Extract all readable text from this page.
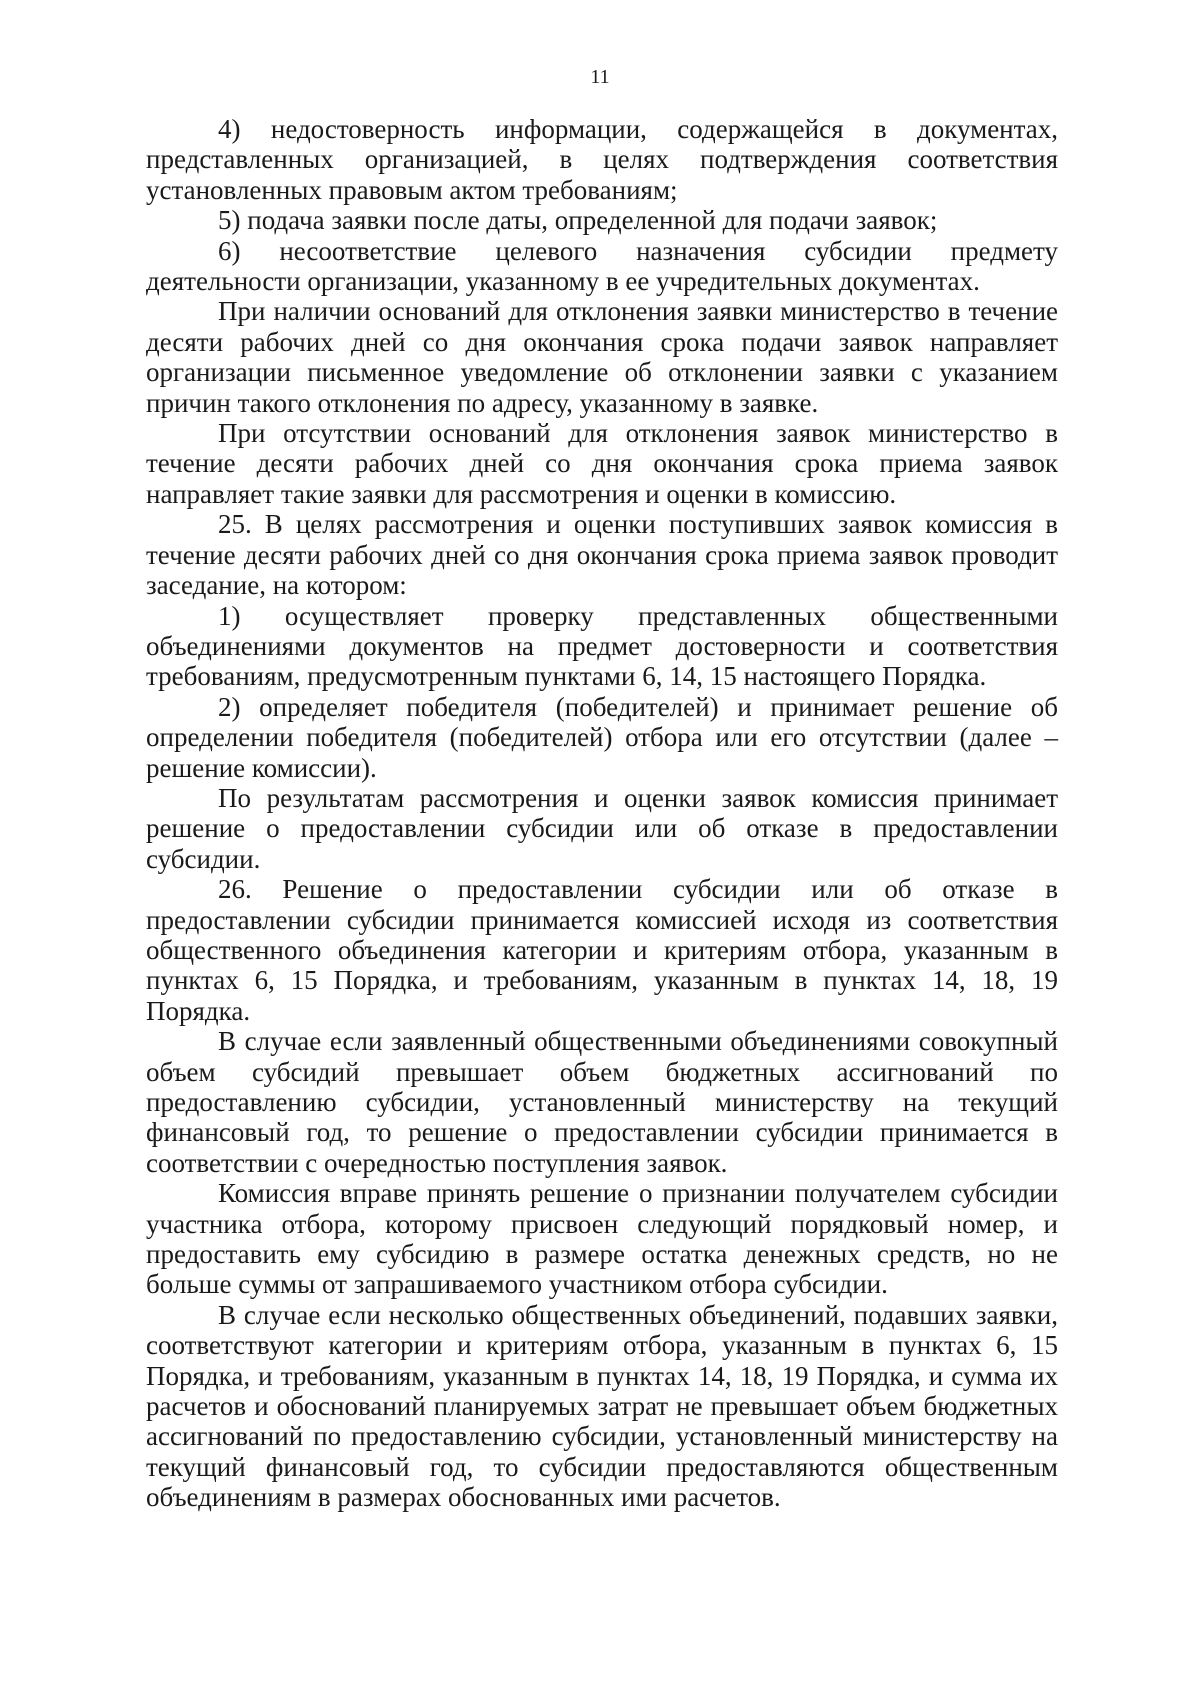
11

4) недостоверность информации, содержащейся в документах, представленных организацией, в целях подтверждения соответствия установленных правовым актом требованиям;

5) подача заявки после даты, определенной для подачи заявок;

6) несоответствие целевого назначения субсидии предмету деятельности организации, указанному в ее учредительных документах.

При наличии оснований для отклонения заявки министерство в течение десяти рабочих дней со дня окончания срока подачи заявок направляет организации письменное уведомление об отклонении заявки с указанием причин такого отклонения по адресу, указанному в заявке.

При отсутствии оснований для отклонения заявок министерство в течение десяти рабочих дней со дня окончания срока приема заявок направляет такие заявки для рассмотрения и оценки в комиссию.

25. В целях рассмотрения и оценки поступивших заявок комиссия в течение десяти рабочих дней со дня окончания срока приема заявок проводит заседание, на котором:

1) осуществляет проверку представленных общественными объединениями документов на предмет достоверности и соответствия требованиям, предусмотренным пунктами 6, 14, 15 настоящего Порядка.

2) определяет победителя (победителей) и принимает решение об определении победителя (победителей) отбора или его отсутствии (далее – решение комиссии).

По результатам рассмотрения и оценки заявок комиссия принимает решение о предоставлении субсидии или об отказе в предоставлении субсидии.

26. Решение о предоставлении субсидии или об отказе в предоставлении субсидии принимается комиссией исходя из соответствия общественного объединения категории и критериям отбора, указанным в пунктах 6, 15 Порядка, и требованиям, указанным в пунктах 14, 18, 19 Порядка.

В случае если заявленный общественными объединениями совокупный объем субсидий превышает объем бюджетных ассигнований по предоставлению субсидии, установленный министерству на текущий финансовый год, то решение о предоставлении субсидии принимается в соответствии с очередностью поступления заявок.

Комиссия вправе принять решение о признании получателем субсидии участника отбора, которому присвоен следующий порядковый номер, и предоставить ему субсидию в размере остатка денежных средств, но не больше суммы от запрашиваемого участником отбора субсидии.

В случае если несколько общественных объединений, подавших заявки, соответствуют категории и критериям отбора, указанным в пунктах 6, 15 Порядка, и требованиям, указанным в пунктах 14, 18, 19 Порядка, и сумма их расчетов и обоснований планируемых затрат не превышает объем бюджетных ассигнований по предоставлению субсидии, установленный министерству на текущий финансовый год, то субсидии предоставляются общественным объединениям в размерах обоснованных ими расчетов.
